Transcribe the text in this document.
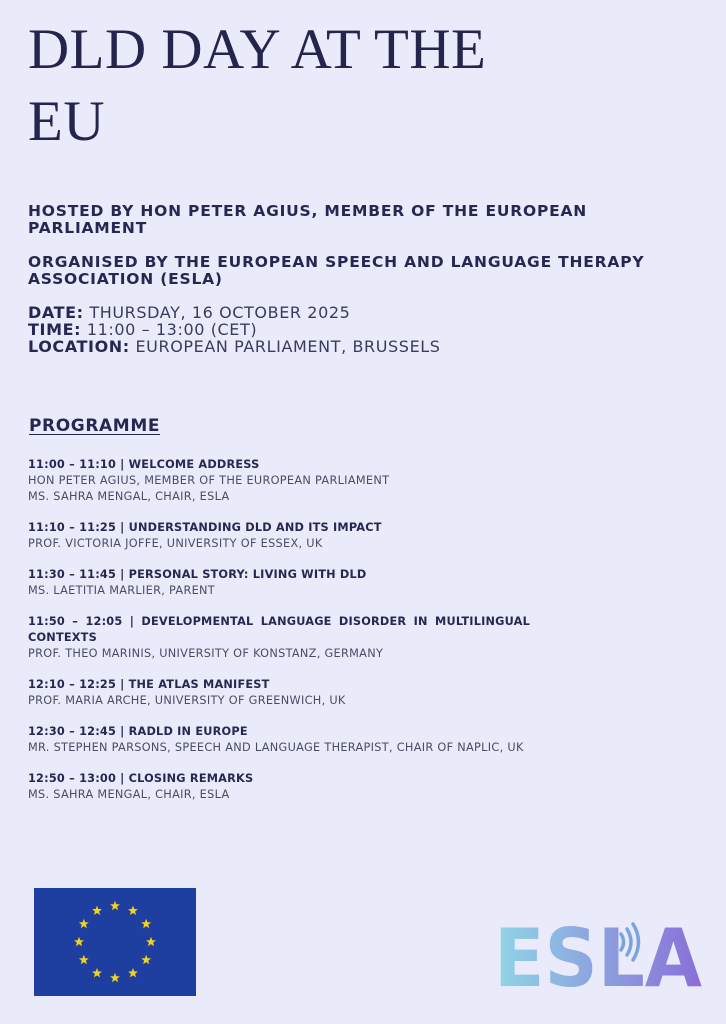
DLD DAY AT THE
EU

HOSTED BY HON PETER AGIUS, MEMBER OF THE EUROPEAN PARLIAMENT

ORGANISED BY THE EUROPEAN SPEECH AND LANGUAGE THERAPY ASSOCIATION (ESLA)

DATE: THURSDAY, 16 OCTOBER 2025
TIME: 11:00 – 13:00 (CET)
LOCATION: EUROPEAN PARLIAMENT, BRUSSELS
PROGRAMME
11:00 – 11:10 | WELCOME ADDRESS
HON PETER AGIUS, MEMBER OF THE EUROPEAN PARLIAMENT
MS. SAHRA MENGAL, CHAIR, ESLA
11:10 – 11:25 | UNDERSTANDING DLD AND ITS IMPACT
PROF. VICTORIA JOFFE, UNIVERSITY OF ESSEX, UK
11:30 – 11:45 | PERSONAL STORY: LIVING WITH DLD
MS. LAETITIA MARLIER, PARENT
11:50 – 12:05 | DEVELOPMENTAL LANGUAGE DISORDER IN MULTILINGUAL CONTEXTS
PROF. THEO MARINIS, UNIVERSITY OF KONSTANZ, GERMANY
12:10 – 12:25 | THE ATLAS MANIFEST
PROF. MARIA ARCHE, UNIVERSITY OF GREENWICH, UK
12:30 – 12:45 | RADLD IN EUROPE
MR. STEPHEN PARSONS, SPEECH AND LANGUAGE THERAPIST, CHAIR OF NAPLIC, UK
12:50 – 13:00 | CLOSING REMARKS
MS. SAHRA MENGAL, CHAIR, ESLA
ESLA
